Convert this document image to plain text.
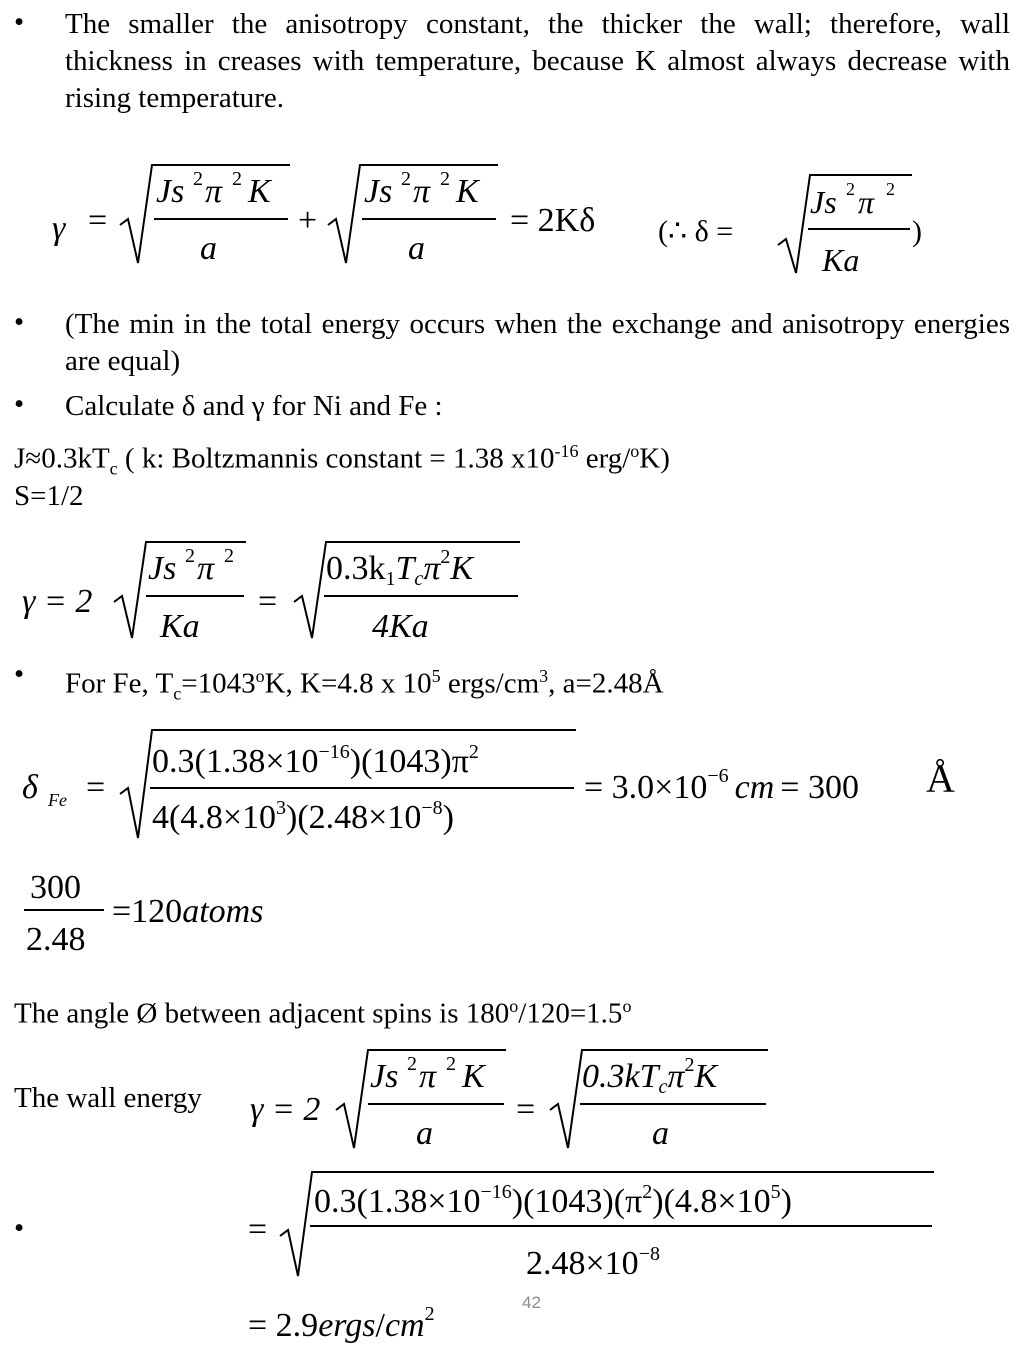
• The smaller the anisotropy constant, the thicker the wall; therefore, wall thickness in creases with temperature, because K almost always decrease with rising temperature.
γ =
Js 2 π 2 K
a
+
Js 2 π 2 K
a
= 2Kδ (∴ δ =
Js 2 π 2
Ka
)
• (The min in the total energy occurs when the exchange and anisotropy energies are equal)
• Calculate δ and γ for Ni and Fe :
$J\approx 0.3kT_c$ ( k: Boltzmannis constant = 1.38 $x10^{-16}$ erg/$^o$K)
S=1/2
γ = 2
Js 2 π 2
Ka
=
0.3k1Tcπ$^2$K
4Ka
• For Fe, $T_c=1043^oK$, K=4.8 x $10^5$ ergs/$cm^3$, a=2.48Å
δ Fe =
$0.3(1.38\times 10^{-16})(1043)\pi^2$
$4(4.8\times 10^3)(2.48\times 10^{-8})$
= $3.0\times 10^{-6}$ cm = 300 Å
300
2.48
=120atoms
The angle Ø between adjacent spins is $180^o/120=1.5^o$
The wall energy γ = 2
Js 2 π 2 K
a
=
0.3kTcπ$^2$K
a
•	=
$0.3(1.38\times 10^{-16})(1043)(\pi^2)(4.8\times 10^5)$
$2.48\times 10^{-8}$
= $2.9ergs/cm^2$
42
